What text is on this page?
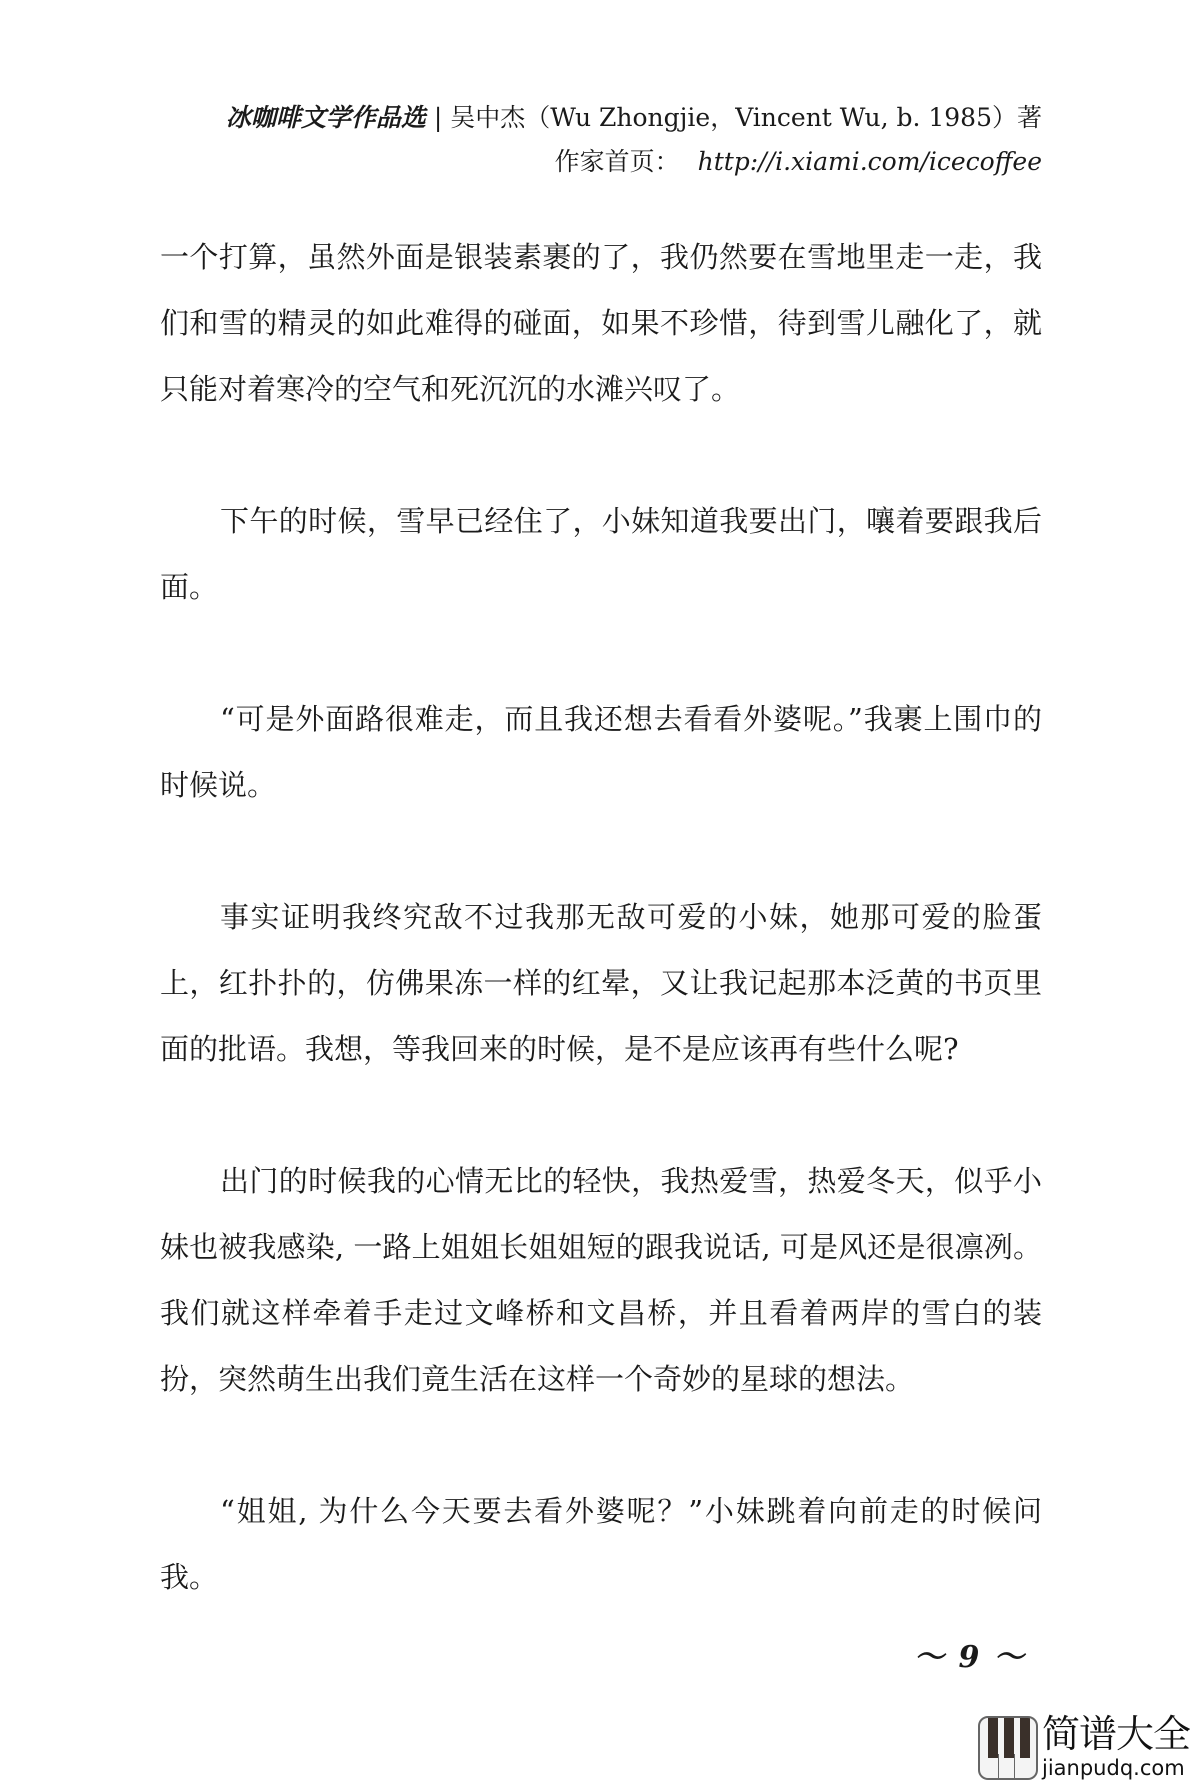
冰咖啡文学作品选 | 吴中杰（Wu Zhongjie，Vincent Wu, b. 1985）著
作家首页： http://i.xiami.com/icecoffee

一个打算，虽然外面是银装素裹的了，我仍然要在雪地里走一走，我们和雪的精灵的如此难得的碰面，如果不珍惜，待到雪儿融化了，就只能对着寒冷的空气和死沉沉的水滩兴叹了。

下午的时候，雪早已经住了，小妹知道我要出门，嚷着要跟我后面。

“可是外面路很难走，而且我还想去看看外婆呢。”我裹上围巾的时候说。

事实证明我终究敌不过我那无敌可爱的小妹，她那可爱的脸蛋上，红扑扑的，仿佛果冻一样的红晕，又让我记起那本泛黄的书页里面的批语。我想，等我回来的时候，是不是应该再有些什么呢?

出门的时候我的心情无比的轻快，我热爱雪，热爱冬天，似乎小妹也被我感染, 一路上姐姐长姐姐短的跟我说话, 可是风还是很凛冽。我们就这样牵着手走过文峰桥和文昌桥，并且看着两岸的雪白的装扮，突然萌生出我们竟生活在这样一个奇妙的星球的想法。

“姐姐, 为什么今天要去看外婆呢？”小妹跳着向前走的时候问我。

～ 9 ～
简谱大全
jianpudq.com
